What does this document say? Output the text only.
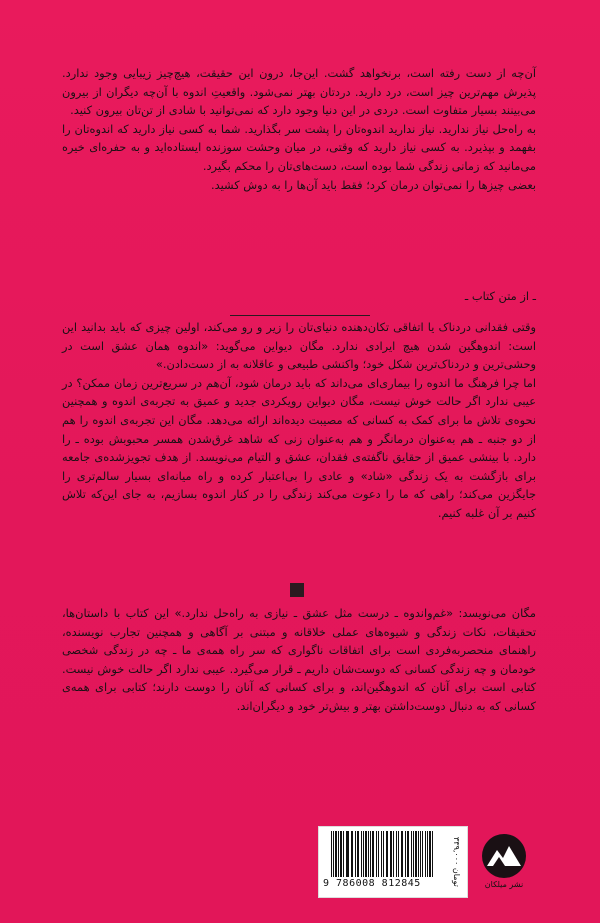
آن‌چه از دست رفته است، برنخواهد گشت. این‌جا، درون این حقیقت، هیچ‌چیز زیبایی وجود ندارد. پذیرش مهم‌ترین چیز است، درد دارید. دردتان بهتر نمی‌شود. واقعیتِ اندوه با آن‌چه دیگران از بیرون می‌بینند بسیار متفاوت است. دردی در این دنیا وجود دارد که نمی‌توانید با شادی از تن‌تان بیرون کنید.

به راه‌حل نیاز ندارید. نیاز ندارید اندوه‌تان را پشت سر بگذارید. شما به کسی نیاز دارید که اندوه‌تان را بفهمد و بپذیرد. به کسی نیاز دارید که وقتی، در میان وحشت سوزنده ایستاده‌اید و به حفره‌ای خیره می‌مانید که زمانی زندگی شما بوده است، دست‌های‌تان را محکم بگیرد.

بعضی چیزها را نمی‌توان درمان کرد؛ فقط باید آن‌ها را به دوش کشید.

ـ از متن کتاب ـ

وقتی فقدانی دردناک یا اتفاقی تکان‌دهنده دنیای‌تان را زیر و رو می‌کند، اولین چیزی که باید بدانید این است: اندوهگین شدن هیچ ایرادی ندارد. مگان دیواین می‌گوید: «اندوه همان عشق است در وحشی‌ترین و دردناک‌ترین شکل خود؛ واکنشی طبیعی و عاقلانه به از دست‌دادن.»

اما چرا فرهنگ ما اندوه را بیماری‌ای می‌داند که باید درمان شود، آن‌هم در سریع‌ترین زمان ممکن؟ در عیبی ندارد اگر حالت خوش نیست، مگان دیواین رویکردی جدید و عمیق به تجربه‌ی اندوه و همچنین نحوه‌ی تلاش ما برای کمک به کسانی که مصیبت دیده‌اند ارائه می‌دهد. مگان این تجربه‌ی اندوه را هم از دو جنبه ـ هم به‌عنوان درمانگر و هم به‌عنوان زنی که شاهد غرق‌شدن همسر محبوبش بوده ـ را دارد. با بینشی عمیق از حقایق ناگفته‌ی فقدان، عشق و التیام می‌نویسد. از هدف تجویزشده‌ی جامعه برای بازگشت به یک زندگی «شاد» و عادی را بی‌اعتبار کرده و راه میانه‌ای بسیار سالم‌تری را جایگزین می‌کند؛ راهی که ما را دعوت می‌کند زندگی را در کنار اندوه بسازیم، به جای این‌که تلاش کنیم بر آن غلبه کنیم.

مگان می‌نویسد: «غم‌واندوه ـ درست مثل عشق ـ نیازی به راه‌حل ندارد.» این کتاب با داستان‌ها، تحقیقات، نکات زندگی و شیوه‌های عملی خلاقانه و مبتنی بر آگاهی و همچنین تجارب نویسنده، راهنمای منحصربه‌فردی است برای اتفاقات ناگواری که سر راه همه‌ی ما ـ چه در زندگی شخصی خودمان و چه زندگی کسانی که دوست‌شان داریم ـ قرار می‌گیرد. عیبی ندارد اگر حالت خوش نیست. کتابی است برای آنان که اندوهگین‌اند، و برای کسانی که آنان را دوست دارند؛ کتابی برای همه‌ی کسانی که به دنبال دوست‌داشتن بهتر و بیش‌تر خود و دیگران‌اند.

9 786008 812845
۳۳۹,۰۰۰ تومان	نشر میلکان
